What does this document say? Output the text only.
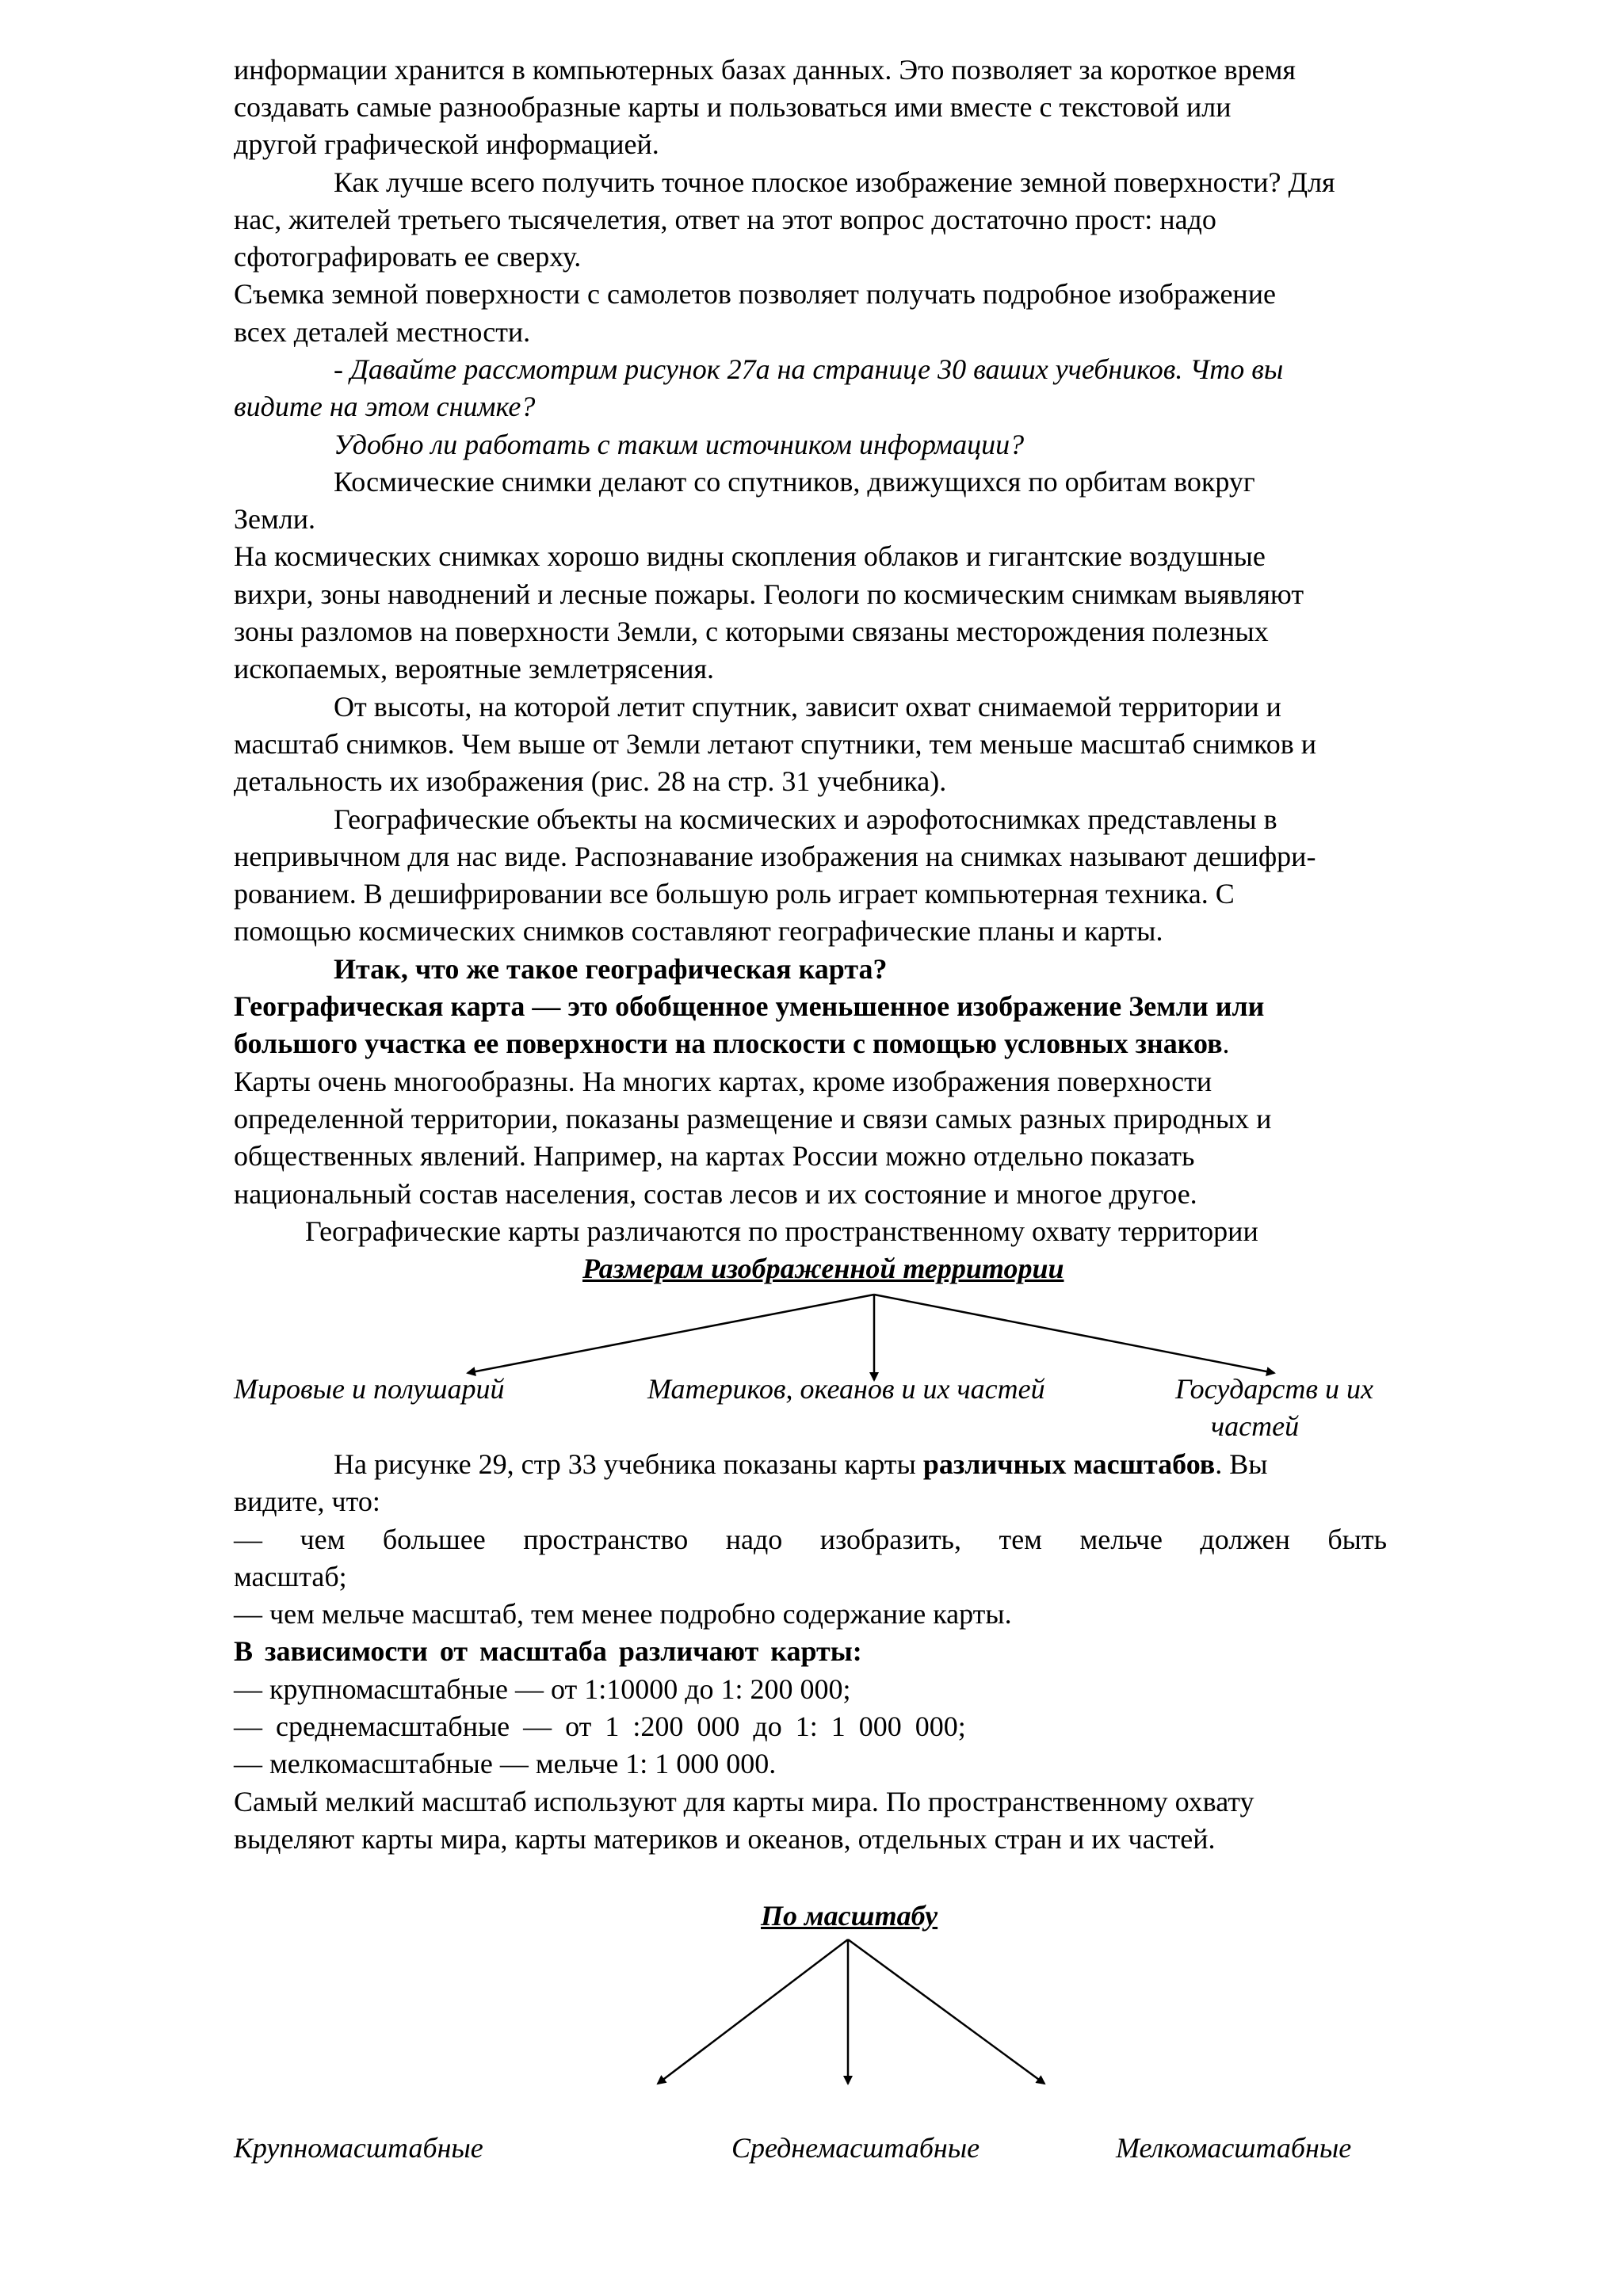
информации хранится в компьютерных базах данных. Это позволяет за короткое время
создавать самые разнообразные карты и пользоваться ими вместе с текстовой или
другой графической информацией.
Как лучше всего получить точное плоское изображение земной поверхности? Для
нас, жителей третьего тысячелетия, ответ на этот вопрос достаточно прост: надо
сфотографировать ее сверху.
Съемка земной поверхности с самолетов позволяет получать подробное изображение
всех деталей местности.
- Давайте рассмотрим рисунок 27а на странице 30 ваших учебников. Что вы
видите на этом снимке?
Удобно ли работать с таким источником информации?
Космические снимки делают со спутников, движущихся по орбитам вокруг
Земли.
На космических снимках хорошо видны скопления облаков и гигантские воздушные
вихри, зоны наводнений и лесные пожары. Геологи по космическим снимкам выявляют
зоны разломов на поверхности Земли, с которыми связаны месторождения полезных
ископаемых, вероятные землетрясения.
От высоты, на которой летит спутник, зависит охват снимаемой территории и
масштаб снимков. Чем выше от Земли летают спутники, тем меньше масштаб снимков и
детальность их изображения (рис. 28 на стр. 31 учебника).
Географические объекты на космических и аэрофотоснимках представлены в
непривычном для нас виде. Распознавание изображения на снимках называют дешифри-
рованием. В дешифрировании все большую роль играет компьютерная техника. С
помощью космических снимков составляют географические планы и карты.
Итак, что же такое географическая карта?
Географическая карта — это обобщенное уменьшенное изображение Земли или
большого участка ее поверхности на плоскости с помощью условных знаков.
Карты очень многообразны. На многих картах, кроме изображения поверхности
определенной территории, показаны размещение и связи самых разных природных и
общественных явлений. Например, на картах России можно отдельно показать
национальный состав населения, состав лесов и их состояние и многое другое.
Географические карты различаются по пространственному охвату территории
Размерам изображенной территории
Мировые и полушарий	Материков, океанов и их частей	Государств и их
частей
На рисунке 29, стр 33 учебника показаны карты различных масштабов. Вы
видите, что:
— чем большее пространство надо изобразить, тем мельче должен быть
масштаб;
— чем мельче масштаб, тем менее подробно содержание карты.
В зависимости от масштаба различают карты:
— крупномасштабные — от 1:10000 до 1: 200 000;
— среднемасштабные — от 1 :200 000 до 1: 1 000 000;
— мелкомасштабные — мельче 1: 1 000 000.
Самый мелкий масштаб используют для карты мира. По пространственному охвату
выделяют карты мира, карты материков и океанов, отдельных стран и их частей.
По масштабу
Крупномасштабные	Среднемасштабные	Мелкомасштабные
